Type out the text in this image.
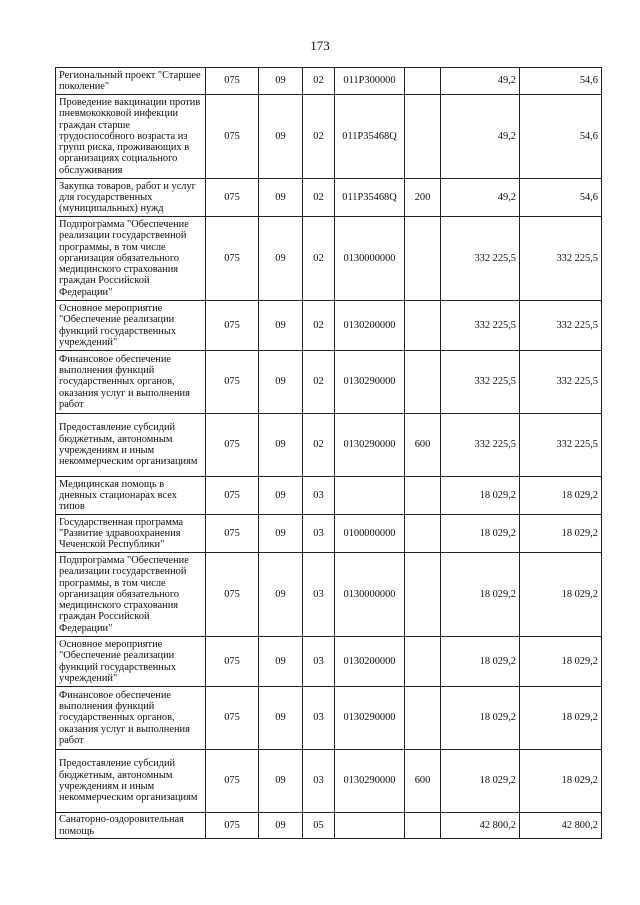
173
Региональный проект "Старшее поколение"	075	09	02	011P300000		49,2	54,6
Проведение вакцинации против пневмококковой инфекции граждан старше трудоспособного возраста из групп риска, проживающих в организациях социального обслуживания	075	09	02	011P35468Q		49,2	54,6
Закупка товаров, работ и услуг для государственных (муниципальных) нужд	075	09	02	011P35468Q	200	49,2	54,6
Подпрограмма "Обеспечение реализации государственной программы, в том числе организация обязательного медицинского страхования граждан Российской Федерации"	075	09	02	0130000000		332 225,5	332 225,5
Основное мероприятие "Обеспечение реализации функций государственных учреждений"	075	09	02	0130200000		332 225,5	332 225,5
Финансовое обеспечение выполнения функций государственных органов, оказания услуг и выполнения работ	075	09	02	0130290000		332 225,5	332 225,5
Предоставление субсидий бюджетным, автономным учреждениям и иным некоммерческим организациям	075	09	02	0130290000	600	332 225,5	332 225,5
Медицинская помощь в дневных стационарах всех типов	075	09	03			18 029,2	18 029,2
Государственная программа "Развитие здравоохранения Чеченской Республики"	075	09	03	0100000000		18 029,2	18 029,2
Подпрограмма "Обеспечение реализации государственной программы, в том числе организация обязательного медицинского страхования граждан Российской Федерации"	075	09	03	0130000000		18 029,2	18 029,2
Основное мероприятие "Обеспечение реализации функций государственных учреждений"	075	09	03	0130200000		18 029,2	18 029,2
Финансовое обеспечение выполнения функций государственных органов, оказания услуг и выполнения работ	075	09	03	0130290000		18 029,2	18 029,2
Предоставление субсидий бюджетным, автономным учреждениям и иным некоммерческим организациям	075	09	03	0130290000	600	18 029,2	18 029,2
Санаторно-оздоровительная помощь	075	09	05			42 800,2	42 800,2
